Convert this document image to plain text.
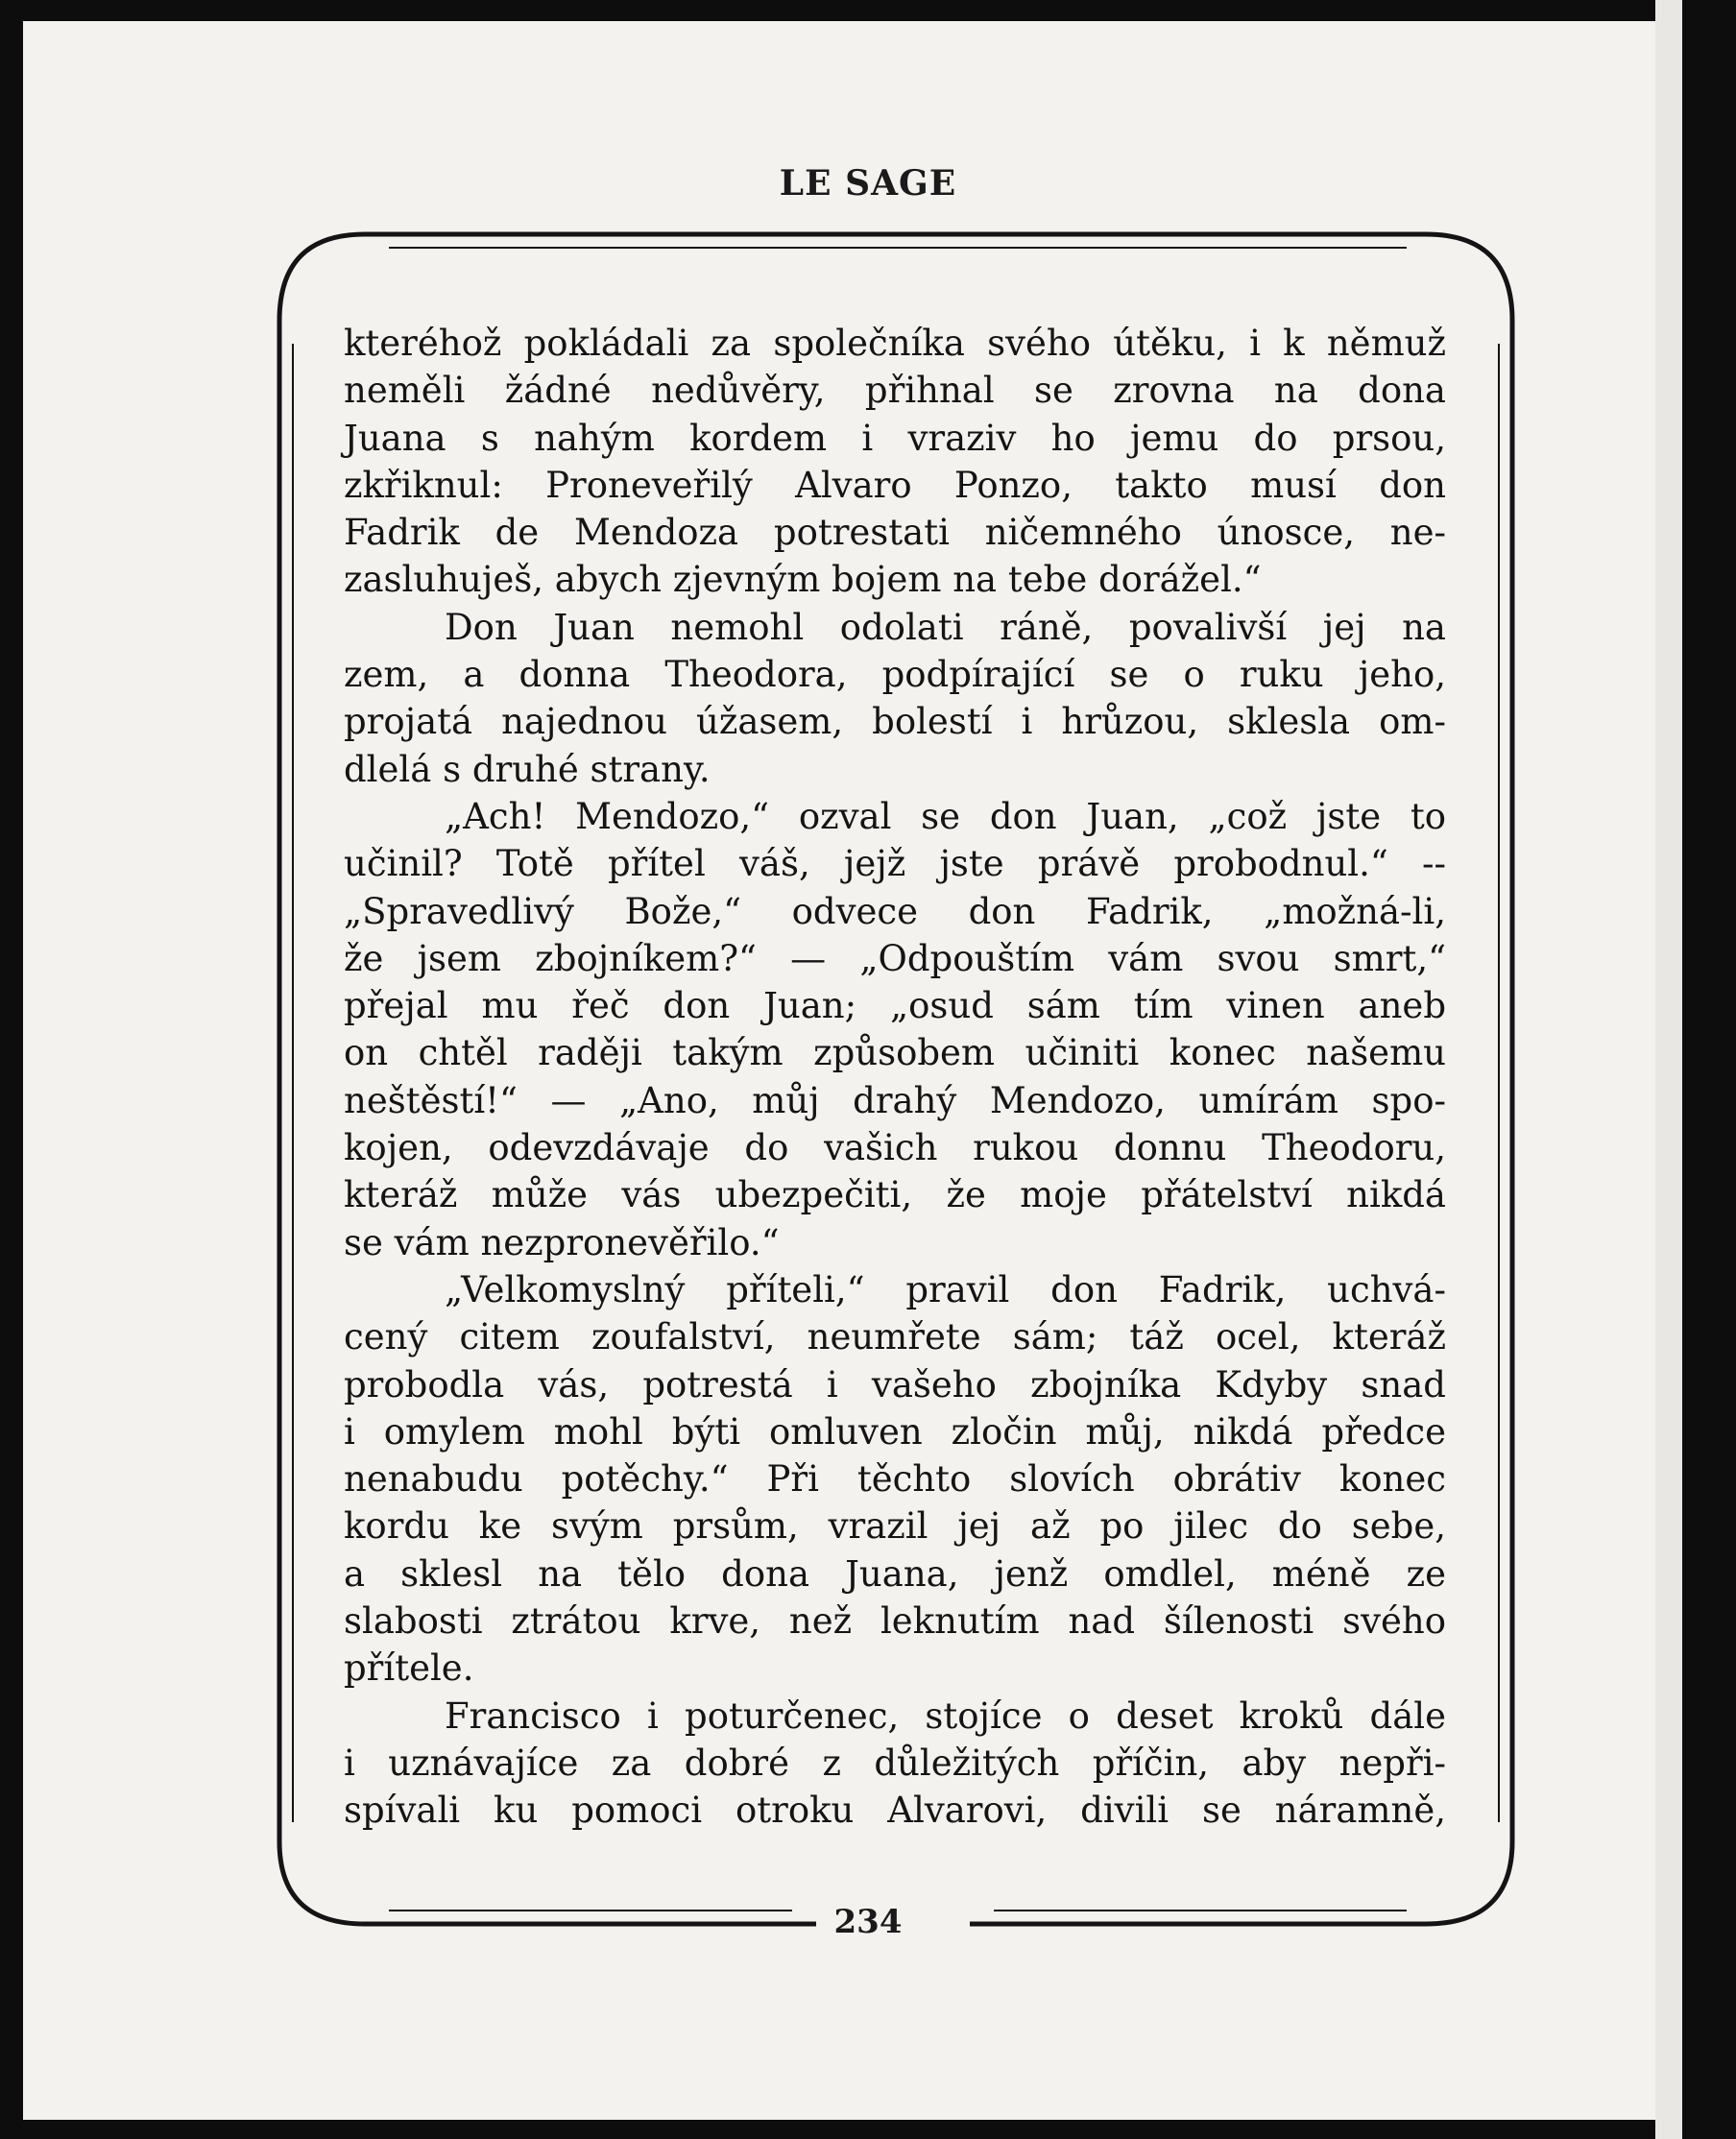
LE SAGE
kteréhož pokládali za společníka svého útěku, i k němuž
neměli žádné nedůvěry, přihnal se zrovna na dona
Juana s nahým kordem i vraziv ho jemu do prsou,
zkřiknul: Proneveřilý Alvaro Ponzo, takto musí don
Fadrik de Mendoza potrestati ničemného únosce, ne-
zasluhuješ, abych zjevným bojem na tebe dorážel.“
Don Juan nemohl odolati ráně, povalivší jej na
zem, a donna Theodora, podpírající se o ruku jeho,
projatá najednou úžasem, bolestí i hrůzou, sklesla om-
dlelá s druhé strany.
„Ach! Mendozo,“ ozval se don Juan, „což jste to
učinil? Totě přítel váš, jejž jste právě probodnul.“ --
„Spravedlivý Bože,“ odvece don Fadrik, „možná-li,
že jsem zbojníkem?“ — „Odpouštím vám svou smrt,“
přejal mu řeč don Juan; „osud sám tím vinen aneb
on chtěl raději takým způsobem učiniti konec našemu
neštěstí!“ — „Ano, můj drahý Mendozo, umírám spo-
kojen, odevzdávaje do vašich rukou donnu Theodoru,
kteráž může vás ubezpečiti, že moje přátelství nikdá
se vám nezpronevěřilo.“
„Velkomyslný příteli,“ pravil don Fadrik, uchvá-
cený citem zoufalství, neumřete sám; táž ocel, kteráž
probodla vás, potrestá i vašeho zbojníka Kdyby snad
i omylem mohl býti omluven zločin můj, nikdá předce
nenabudu potěchy.“ Při těchto slovích obrátiv konec
kordu ke svým prsům, vrazil jej až po jilec do sebe,
a sklesl na tělo dona Juana, jenž omdlel, méně ze
slabosti ztrátou krve, než leknutím nad šílenosti svého
přítele.
Francisco i poturčenec, stojíce o deset kroků dále
i uznávajíce za dobré z důležitých příčin, aby nepři-
spívali ku pomoci otroku Alvarovi, divili se náramně,
234
